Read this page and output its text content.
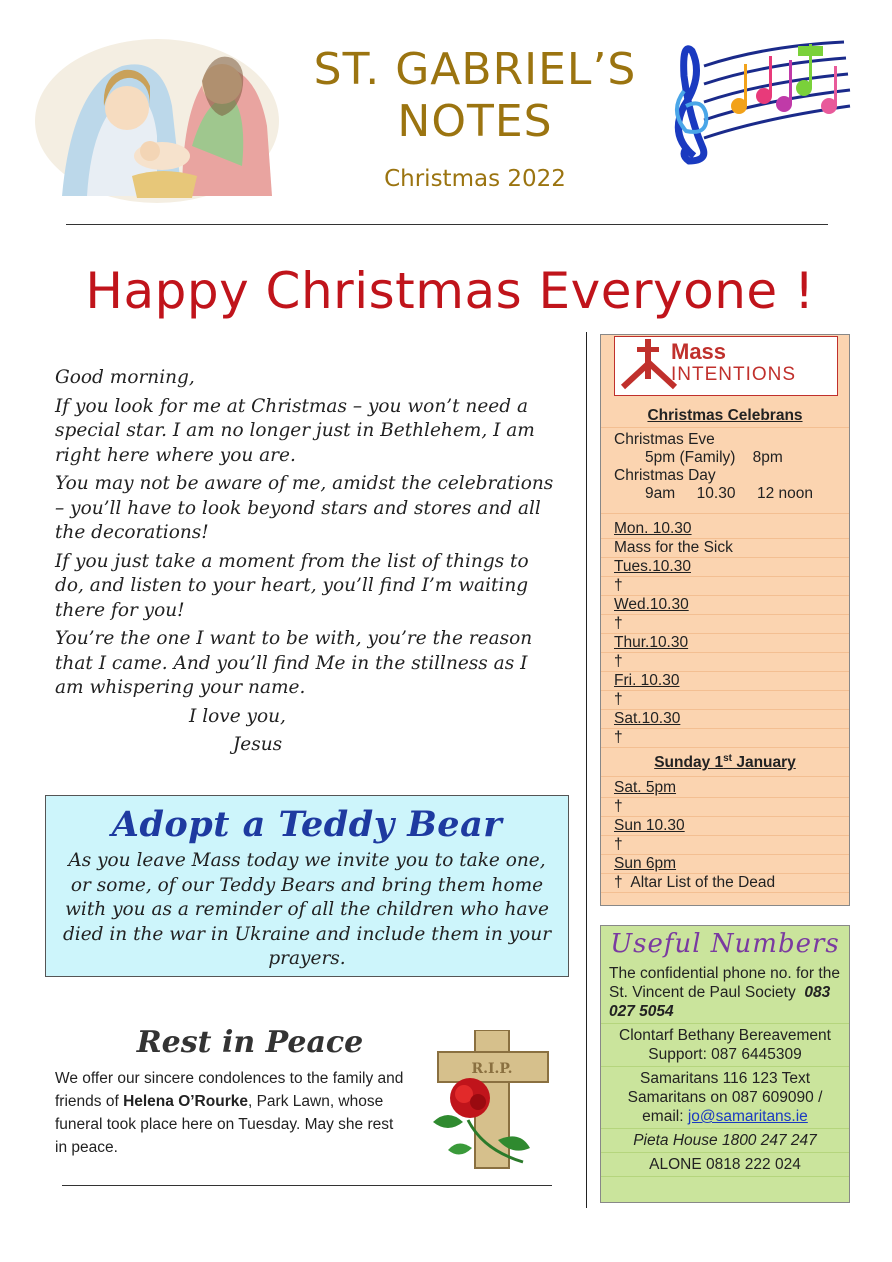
ST. GABRIEL’S
NOTES
Christmas 2022
Happy Christmas Everyone !

Good morning,

If you look for me at Christmas – you won’t need a special star. I am no longer just in Bethlehem, I am right here where you are.

You may not be aware of me, amidst the celebrations – you’ll have to look beyond stars and stores and all the decorations!

If you just take a moment from the list of things to do, and listen to your heart, you’ll find I’m waiting there for you!

You’re the one I want to be with, you’re the reason that I came. And you’ll find Me in the stillness as I am whispering your name.

I love you,
Jesus
Adopt a Teddy Bear

As you leave Mass today we invite you to take one, or some, of our Teddy Bears and bring them home with you as a reminder of all the children who have died in the war in Ukraine and include them in your prayers.

Rest in Peace
We offer our sincere condolences to the family and friends of Helena O’Rourke, Park Lawn, whose funeral took place here on Tuesday. May she rest in peace.
R.I.P.
Christmas Celebrans
Christmas Eve
5pm (Family)    8pm
Christmas Day
9am     10.30     12 noon
Mon. 10.30
Mass for the Sick
Tues.10.30
†
Wed.10.30
†
Thur.10.30
†
Fri. 10.30
†
Sat.10.30
†
Sunday 1st January
Sat. 5pm
†
Sun 10.30
†
Sun 6pm
†  Altar List of the Dead
Mass
INTENTIONS
Useful Numbers
The confidential phone no. for the St. Vincent de Paul Society 083 027 5054
Clontarf Bethany Bereavement Support: 087 6445309
Samaritans 116 123 Text Samaritans on 087 609090 / email: jo@samaritans.ie
Pieta House 1800 247 247
ALONE 0818 222 024
